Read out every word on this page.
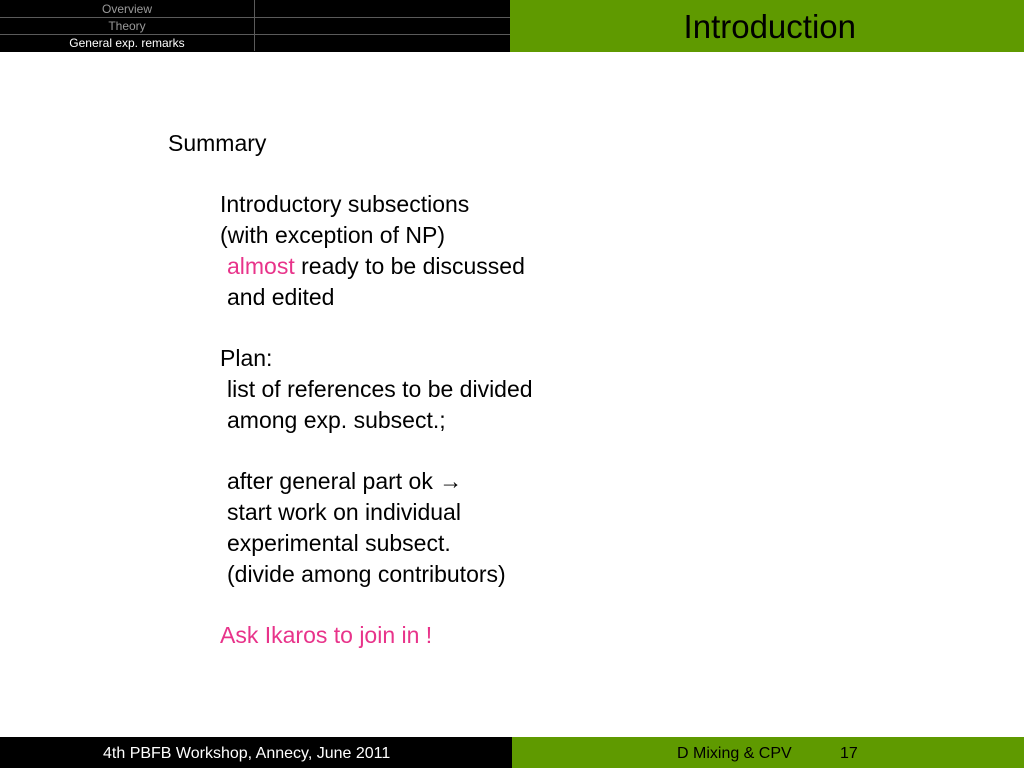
Overview
Theory
General exp. remarks	Introduction
Summary
Introductory subsections
(with exception of NP)
almost ready to be discussed
and edited
Plan:
list of references to be divided
among exp. subsect.;
after general part ok →
start work on individual
experimental subsect.
(divide among contributors)
Ask Ikaros to join in !
4th PBFB Workshop, Annecy, June 2011	D Mixing & CPV	17
